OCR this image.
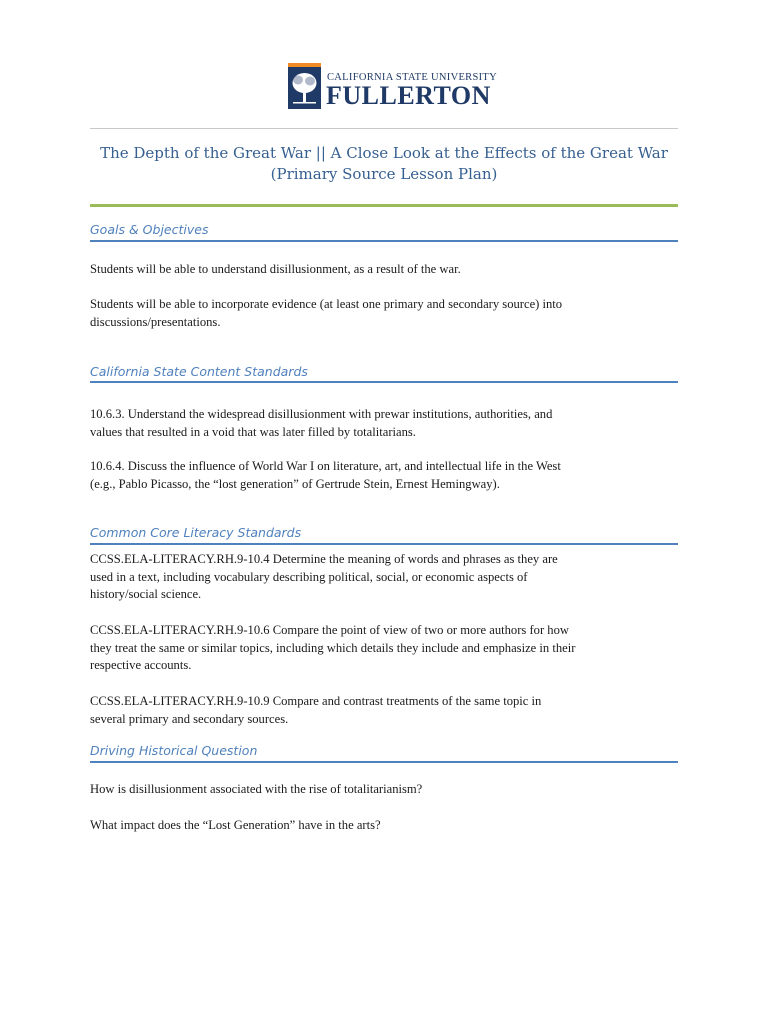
CALIFORNIA STATE UNIVERSITY
FULLERTON
The Depth of the Great War || A Close Look at the Effects of the Great War
(Primary Source Lesson Plan)
Goals & Objectives
Students will be able to understand disillusionment, as a result of the war.
Students will be able to incorporate evidence (at least one primary and secondary source) into
discussions/presentations.
California State Content Standards
10.6.3. Understand the widespread disillusionment with prewar institutions, authorities, and
values that resulted in a void that was later filled by totalitarians.
10.6.4. Discuss the influence of World War I on literature, art, and intellectual life in the West
(e.g., Pablo Picasso, the “lost generation” of Gertrude Stein, Ernest Hemingway).
Common Core Literacy Standards
CCSS.ELA-LITERACY.RH.9-10.4 Determine the meaning of words and phrases as they are
used in a text, including vocabulary describing political, social, or economic aspects of
history/social science.
CCSS.ELA-LITERACY.RH.9-10.6 Compare the point of view of two or more authors for how
they treat the same or similar topics, including which details they include and emphasize in their
respective accounts.
CCSS.ELA-LITERACY.RH.9-10.9 Compare and contrast treatments of the same topic in
several primary and secondary sources.
Driving Historical Question
How is disillusionment associated with the rise of totalitarianism?
What impact does the “Lost Generation” have in the arts?
